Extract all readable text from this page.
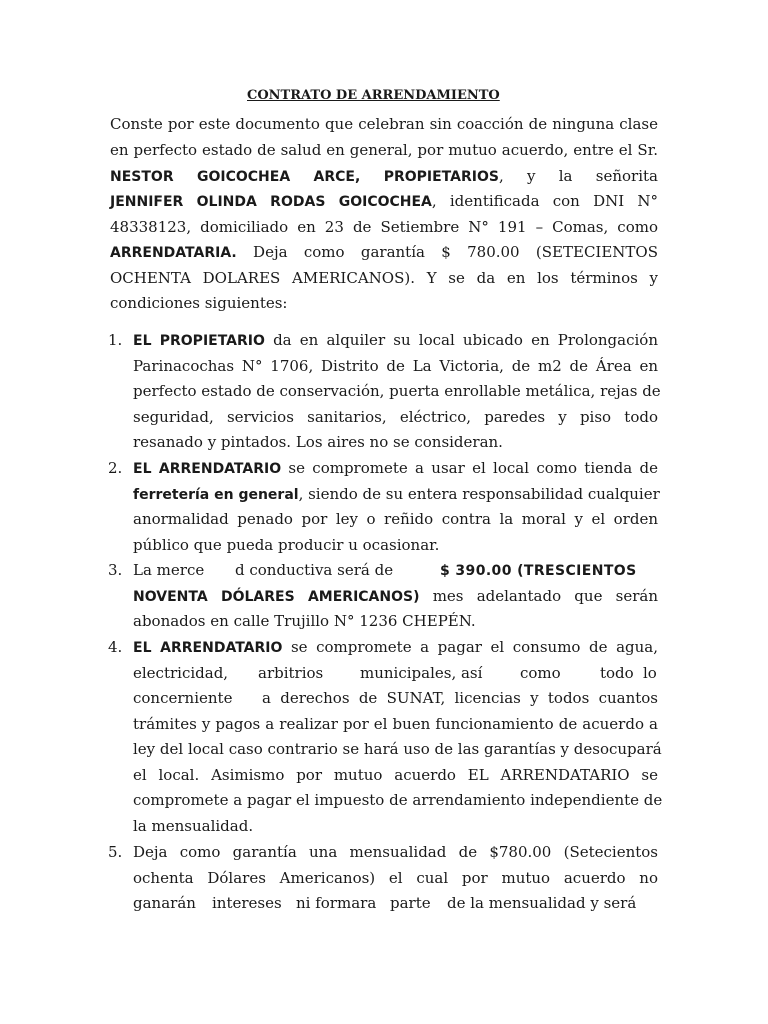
CONTRATO DE ARRENDAMIENTO
Conste por este documento que celebran sin coacción de ninguna clase
en perfecto estado de salud en general, por mutuo acuerdo, entre el Sr.
NESTOR GOICOCHEA ARCE, PROPIETARIOS, y la señorita
JENNIFER OLINDA RODAS GOICOCHEA, identificada con DNI N°
48338123, domiciliado en 23 de Setiembre N° 191 – Comas, como
ARRENDATARIA. Deja como garantía $ 780.00 (SETECIENTOS
OCHENTA DOLARES AMERICANOS). Y se da en los términos y
condiciones siguientes:
1. EL PROPIETARIO da en alquiler su local ubicado en Prolongación
Parinacochas N° 1706, Distrito de La Victoria, de m2 de Área en
perfecto estado de conservación, puerta enrollable metálica, rejas de
seguridad, servicios sanitarios, eléctrico, paredes y piso todo
resanado y pintados. Los aires no se consideran.
2. EL ARRENDATARIO se compromete a usar el local como tienda de
ferretería en general, siendo de su entera responsabilidad cualquier
anormalidad penado por ley o reñido contra la moral y el orden
público que pueda producir u ocasionar.
3. La merce d conductiva será de	$ 390.00 (TRESCIENTOS
NOVENTA DÓLARES AMERICANOS) mes adelantado que serán
abonados en calle Trujillo N° 1236 CHEPÉN.
4. EL ARRENDATARIO se compromete a pagar el consumo de agua,
electricidad, arbitrios municipales, así	como	todo lo
concerniente a derechos de SUNAT, licencias y todos cuantos
trámites y pagos a realizar por el buen funcionamiento de acuerdo a
ley del local caso contrario se hará uso de las garantías y desocupará
el local. Asimismo por mutuo acuerdo EL ARRENDATARIO se
compromete a pagar el impuesto de arrendamiento independiente de
la mensualidad.
5. Deja como garantía una mensualidad de $780.00 (Setecientos
ochenta Dólares Americanos) el cual por mutuo acuerdo no
ganarán intereses ni formara parte de la mensualidad y será
